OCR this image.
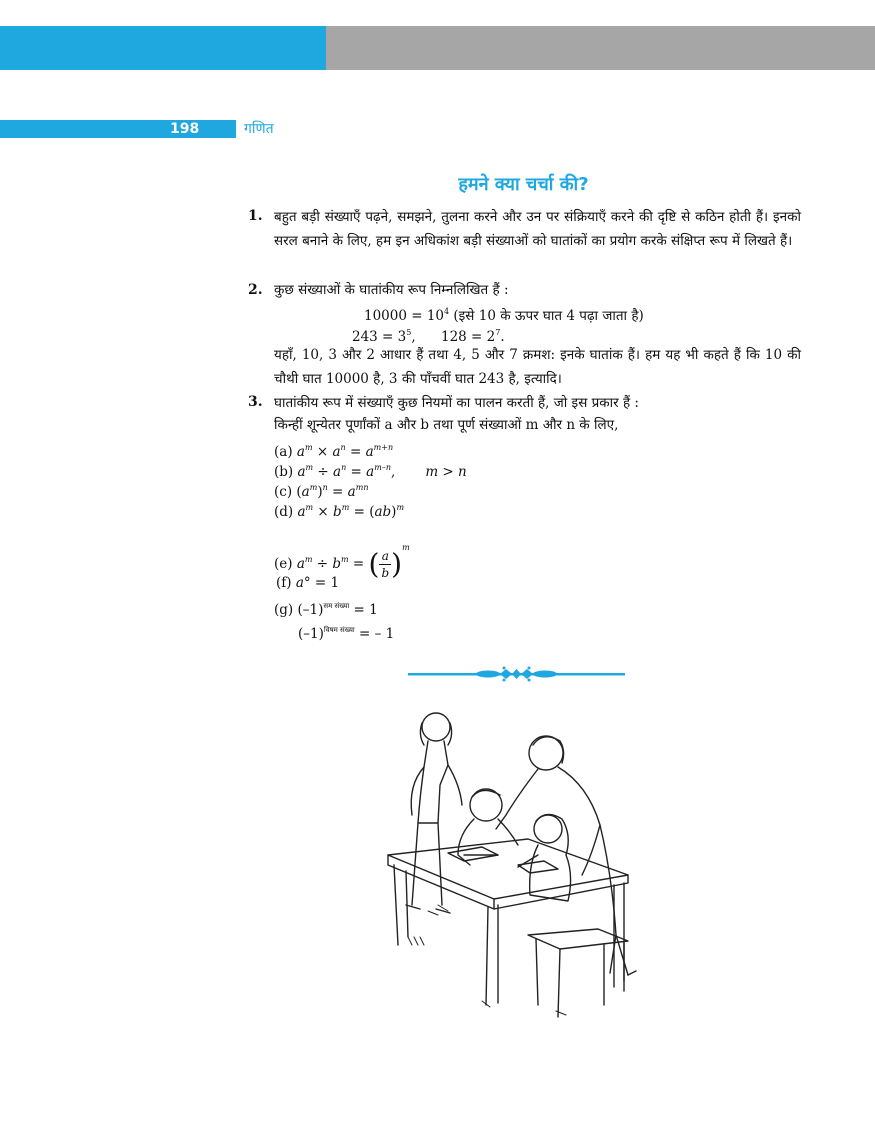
198	गणित
हमने क्या चर्चा की?
1. बहुत बड़ी संख्याएँ पढ़ने, समझने, तुलना करने और उन पर संक्रियाएँ करने की दृष्टि से कठिन होती हैं। इनको सरल बनाने के लिए, हम इन अधिकांश बड़ी संख्याओं को घातांकों का प्रयोग करके संक्षिप्त रूप में लिखते हैं।
2. कुछ संख्याओं के घातांकीय रूप निम्नलिखित हैं :
$10000 = 10^4$ (इसे 10 के ऊपर घात 4 पढ़ा जाता है)
$243 = 3^5$, $128 = 2^7$.
यहाँ, 10, 3 और 2 आधार हैं तथा 4, 5 और 7 क्रमश: इनके घातांक हैं। हम यह भी कहते हैं कि 10 की चौथी घात 10000 है, 3 की पाँचवीं घात 243 है, इत्यादि।
3. घातांकीय रूप में संख्याएँ कुछ नियमों का पालन करती हैं, जो इस प्रकार हैं :
किन्हीं शून्येतर पूर्णांकों a और b तथा पूर्ण संख्याओं m और n के लिए,
(a) $a^m \times a^n = a^{m+n}$
(b) $a^m \div a^n = a^{m-n}$,       m > n
(c) $(a^m)^n = a^{mn}$
(d) $a^m \times b^m = (ab)^m$
(e) $a^m \div b^m$ = ( $\frac{a}{b} )^m$
(f) a° = 1
(g) $(-1)^{सम संख्या} = 1$
$(-1)^{विषम संख्या}$ = – 1
